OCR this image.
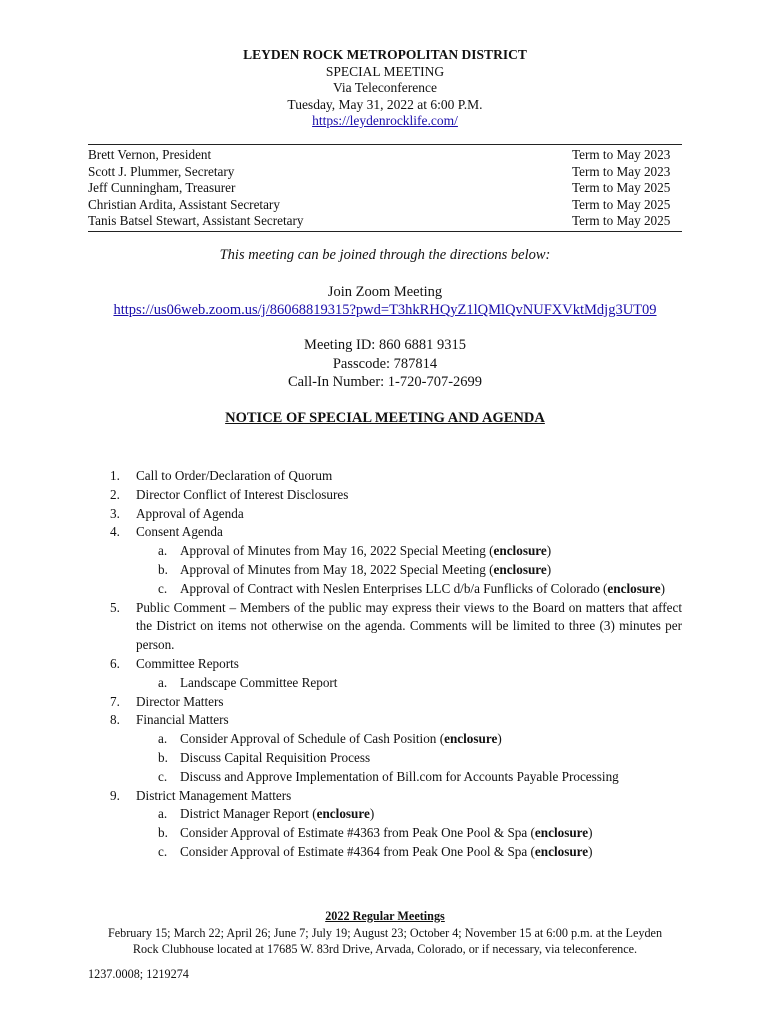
LEYDEN ROCK METROPOLITAN DISTRICT
SPECIAL MEETING
Via Teleconference
Tuesday, May 31, 2022 at 6:00 P.M.
https://leydenrocklife.com/
Brett Vernon, President	Term to May 2023
Scott J. Plummer, Secretary	Term to May 2023
Jeff Cunningham, Treasurer	Term to May 2025
Christian Ardita, Assistant Secretary	Term to May 2025
Tanis Batsel Stewart, Assistant Secretary	Term to May 2025
This meeting can be joined through the directions below:
Join Zoom Meeting
https://us06web.zoom.us/j/86068819315?pwd=T3hkRHQyZ1lQMlQvNUFXVktMdjg3UT09
Meeting ID: 860 6881 9315
Passcode: 787814
Call-In Number: 1-720-707-2699
NOTICE OF SPECIAL MEETING AND AGENDA
1.	Call to Order/Declaration of Quorum
2.	Director Conflict of Interest Disclosures
3.	Approval of Agenda
4.	Consent Agenda
a. Approval of Minutes from May 16, 2022 Special Meeting (enclosure)
b. Approval of Minutes from May 18, 2022 Special Meeting (enclosure)
c. Approval of Contract with Neslen Enterprises LLC d/b/a Funflicks of Colorado (enclosure)
5.	Public Comment – Members of the public may express their views to the Board on matters that affect the District on items not otherwise on the agenda. Comments will be limited to three (3) minutes per person.
6.	Committee Reports
a. Landscape Committee Report
7.	Director Matters
8.	Financial Matters
a. Consider Approval of Schedule of Cash Position (enclosure)
b. Discuss Capital Requisition Process
c. Discuss and Approve Implementation of Bill.com for Accounts Payable Processing
9.	District Management Matters
a. District Manager Report (enclosure)
b. Consider Approval of Estimate #4363 from Peak One Pool & Spa (enclosure)
c. Consider Approval of Estimate #4364 from Peak One Pool & Spa (enclosure)
2022 Regular Meetings
February 15; March 22; April 26; June 7; July 19; August 23; October 4; November 15 at 6:00 p.m. at the Leyden
Rock Clubhouse located at 17685 W. 83rd Drive, Arvada, Colorado, or if necessary, via teleconference.
1237.0008; 1219274
